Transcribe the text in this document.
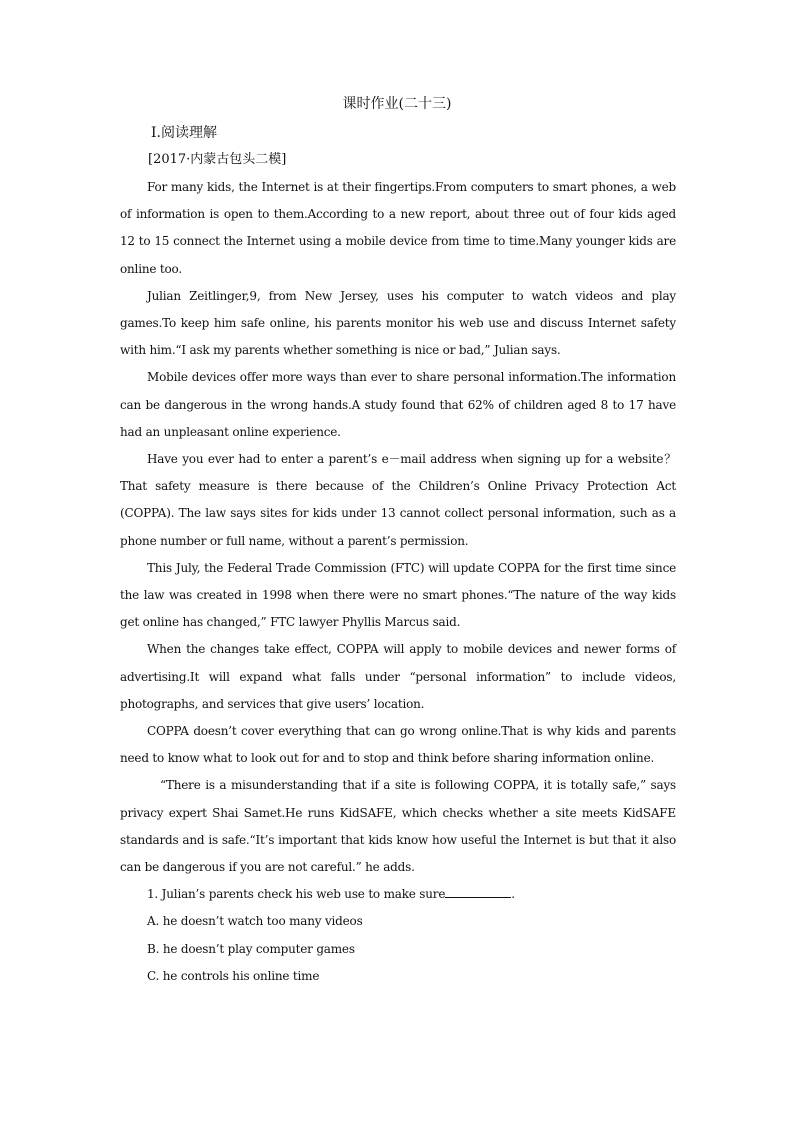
课时作业(二十三)
Ⅰ.阅读理解
[2017·内蒙古包头二模]

For many kids, the Internet is at their fingertips.From computers to smart phones, a web of information is open to them.According to a new report, about three out of four kids aged 12 to 15 connect the Internet using a mobile device from time to time.Many younger kids are online too.

Julian Zeitlinger,9, from New Jersey, uses his computer to watch videos and play games.To keep him safe online, his parents monitor his web use and discuss Internet safety with him.“I ask my parents whether something is nice or bad,” Julian says.

Mobile devices offer more ways than ever to share personal information.The information can be dangerous in the wrong hands.A study found that 62% of children aged 8 to 17 have had an unpleasant online experience.

Have you ever had to enter a parent’s e－mail address when signing up for a website？That safety measure is there because of the Children’s Online Privacy Protection Act (COPPA). The law says sites for kids under 13 cannot collect personal information, such as a phone number or full name, without a parent’s permission.

This July, the Federal Trade Commission (FTC) will update COPPA for the first time since the law was created in 1998 when there were no smart phones.“The nature of the way kids get online has changed,” FTC lawyer Phyllis Marcus said.

When the changes take effect, COPPA will apply to mobile devices and newer forms of advertising.It will expand what falls under “personal information” to include videos, photographs, and services that give users’ location.

COPPA doesn’t cover everything that can go wrong online.That is why kids and parents need to know what to look out for and to stop and think before sharing information online.

“There is a misunderstanding that if a site is following COPPA, it is totally safe,” says privacy expert Shai Samet.He runs KidSAFE, which checks whether a site meets KidSAFE standards and is safe.“It’s important that kids know how useful the Internet is but that it also can be dangerous if you are not careful.” he adds.

1. Julian’s parents check his web use to make sure	.
A. he doesn’t watch too many videos
B. he doesn’t play computer games
C. he controls his online time
